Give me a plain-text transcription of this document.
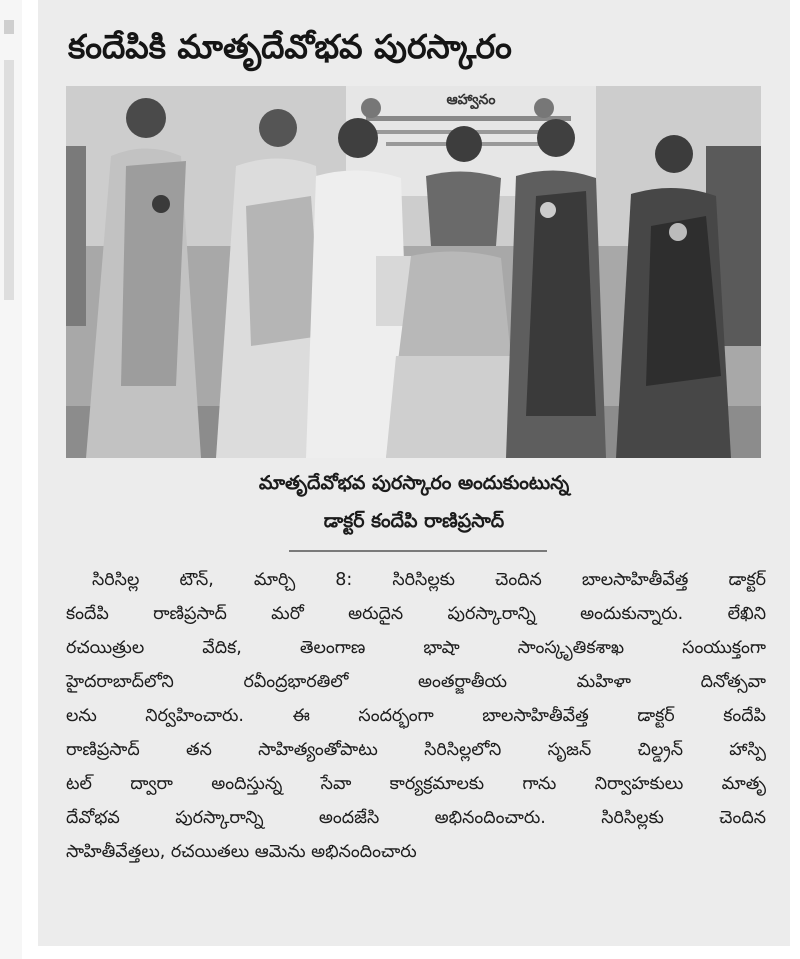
కందేపికి మాతృదేవోభవ పురస్కారం
ఆహ్వానం
మాతృదేవోభవ పురస్కారం అందుకుంటున్న
డాక్టర్ కందేపి రాణిప్రసాద్
సిరిసిల్ల టౌన్, మార్చి 8: సిరిసిల్లకు చెందిన బాలసాహితీవేత్త డాక్టర్
కందేపి రాణిప్రసాద్ మరో అరుదైన పురస్కారాన్ని అందుకున్నారు. లేఖిని
రచయిత్రుల వేదిక, తెలంగాణ భాషా సాంస్కృతికశాఖ సంయుక్తంగా
హైదరాబాద్‌లోని రవీంద్రభారతిలో అంతర్జాతీయ మహిళా దినోత్సవా
లను నిర్వహించారు. ఈ సందర్భంగా బాలసాహితీవేత్త డాక్టర్ కందేపి
రాణిప్రసాద్ తన సాహిత్యంతోపాటు సిరిసిల్లలోని సృజన్ చిల్డ్రన్ హాస్పి
టల్ ద్వారా అందిస్తున్న సేవా కార్యక్రమాలకు గాను నిర్వాహకులు మాతృ
దేవోభవ పురస్కారాన్ని అందజేసి అభినందించారు. సిరిసిల్లకు చెందిన
సాహితీవేత్తలు, రచయితలు ఆమెను అభినందించారు
